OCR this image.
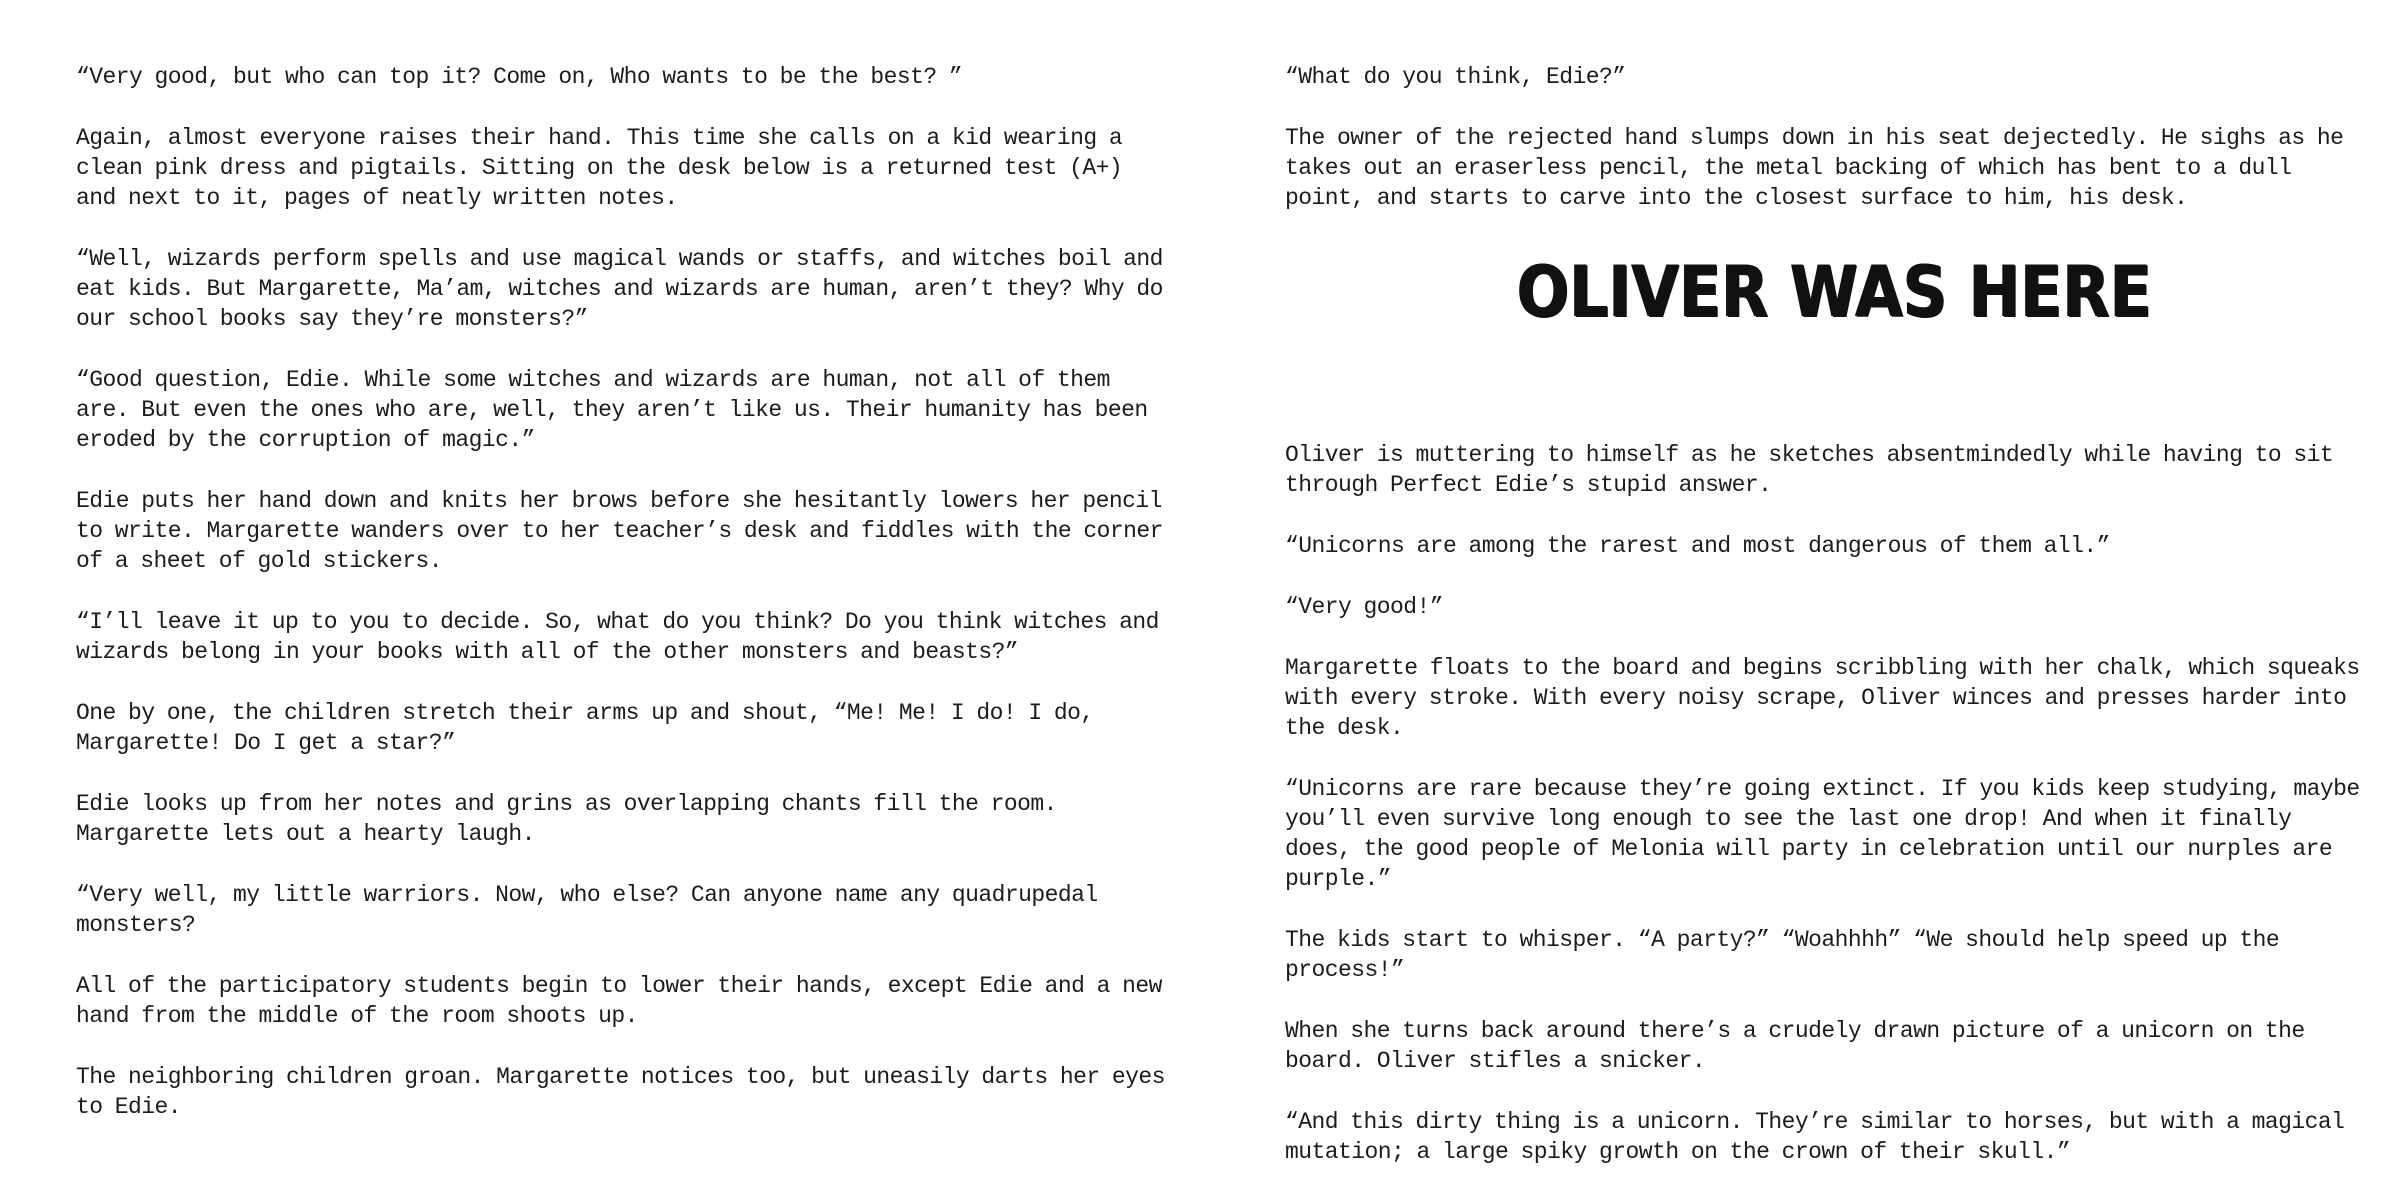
“Very good, but who can top it? Come on, Who wants to be the best? ”

Again, almost everyone raises their hand. This time she calls on a kid wearing a clean pink dress and pigtails. Sitting on the desk below is a returned test (A+) and next to it, pages of neatly written notes.

“Well, wizards perform spells and use magical wands or staffs, and witches boil and eat kids. But Margarette, Ma’am, witches and wizards are human, aren’t they? Why do our school books say they’re monsters?”

“Good question, Edie. While some witches and wizards are human, not all of them are. But even the ones who are, well, they aren’t like us. Their humanity has been eroded by the corruption of magic.”

Edie puts her hand down and knits her brows before she hesitantly lowers her pencil to write. Margarette wanders over to her teacher’s desk and fiddles with the corner of a sheet of gold stickers.

“I’ll leave it up to you to decide. So, what do you think? Do you think witches and wizards belong in your books with all of the other monsters and beasts?”

One by one, the children stretch their arms up and shout, “Me! Me! I do! I do, Margarette! Do I get a star?”

Edie looks up from her notes and grins as overlapping chants fill the room. Margarette lets out a hearty laugh.

“Very well, my little warriors. Now, who else? Can anyone name any quadrupedal monsters?

All of the participatory students begin to lower their hands, except Edie and a new hand from the middle of the room shoots up.

The neighboring children groan. Margarette notices too, but uneasily darts her eyes to Edie.

“What do you think, Edie?”

The owner of the rejected hand slumps down in his seat dejectedly. He sighs as he takes out an eraserless pencil, the metal backing of which has bent to a dull point, and starts to carve into the closest surface to him, his desk.

OLIVER WAS HERE

Oliver is muttering to himself as he sketches absentmindedly while having to sit through Perfect Edie’s stupid answer.

“Unicorns are among the rarest and most dangerous of them all.”

“Very good!”

Margarette floats to the board and begins scribbling with her chalk, which squeaks with every stroke. With every noisy scrape, Oliver winces and presses harder into the desk.

“Unicorns are rare because they’re going extinct. If you kids keep studying, maybe you’ll even survive long enough to see the last one drop! And when it finally does, the good people of Melonia will party in celebration until our nurples are purple.”

The kids start to whisper. “A party?” “Woahhhh” “We should help speed up the process!”

When she turns back around there’s a crudely drawn picture of a unicorn on the board. Oliver stifles a snicker.

“And this dirty thing is a unicorn. They’re similar to horses, but with a magical mutation; a large spiky growth on the crown of their skull.”
